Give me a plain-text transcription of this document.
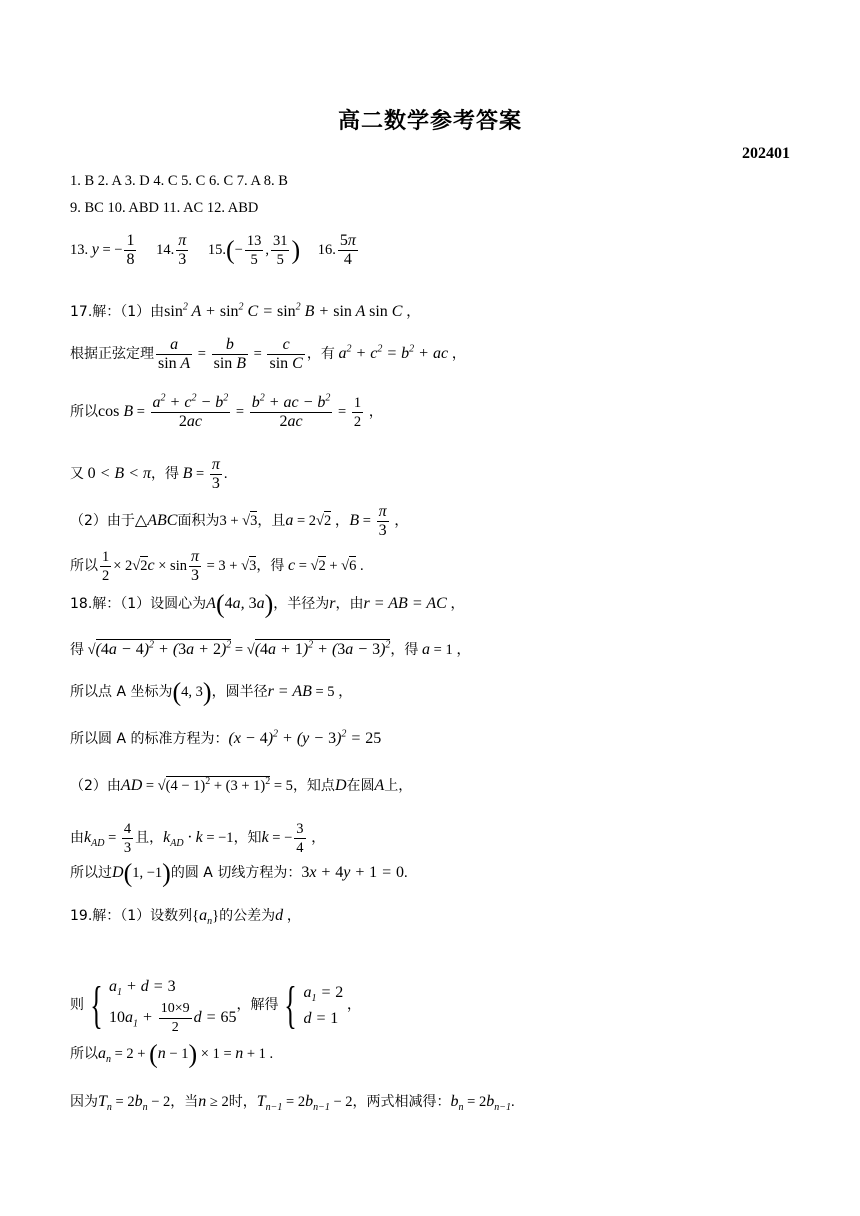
高二数学参考答案
202401
1. B 2. A 3. D 4. C 5. C 6. C 7. A 8. B
9. BC 10. ABD 11. AC 12. ABD
13. y = − $\frac{1}{8} 14$. $\frac{\pi}{3} 15.(- \frac{13}{5}$ , $\frac{31}{5}$ ) 16. $\frac{5\pi}{4}$
17.解：（1）由$\sin^2 A + \sin^2 C = \sin^2 B + \sin A$ sin C ，
根据正弦定理 $\frac{a}{\text{sin A}} = \frac{b}{\text{sin B}} = \frac{c}{\text{sin C}}$ ，有 $a^2 + c^2 = b^2$ + ac ，
所以$\cos B = \frac{a^2 + c^2 - b^2}{2ac} = \frac{b^2 + ac - b^2}{2ac} = \frac{1}{2}$ ，
又 0 < B < π，得 $B = \frac{\pi}{3}$ .
（2）由于△ABC面积为3 + √3，且a = 2√2 ，$B = \frac{\pi}{3}$ ，
所以 $\frac{1}{2} \times 2√2c \times \sin \frac{\pi}{3} = 3 + √3$，得 c = √2 + √6 .
18.解：（1）设圆心为A(4a, 3a)，半径为r，由r = AB = AC ，
得 $√(4a - 4)^2 + (3a + 2)^2 = √(4a + 1)^2 + (3a - 3)^2$，得 a = 1 ，
所以点 A 坐标为(4, 3)，圆半径r = AB = 5 ，
所以圆 A 的标准方程为：$(x - 4)^2 + (y - 3)^2 = 25$
（2）由AD = $√(4 - 1)^2 + (3 + 1)^2 = 5$，知点D在圆A上，
由$k_{AD} = \frac{4}{3}$ 且，$k_{AD} \cdot k = -1$，知k = − $\frac{3}{4}$ ，
所以过D(1, −1)的圆 A 切线方程为：3x + 4y + 1 = 0.
19.解：（1）设数列$\{a_n\}$的公差为d ，
则 { $a_1 + d = 3$
$10a_1 + \frac{10\times 9}{2}$ d = 65
，解得 { $a_1 = 2$
d = 1
，
所以$a_n = 2 + (n - 1) \times 1 = n + 1$ .
因为$T_n = 2b_n - 2$，当n ≥ 2时，$T_{n-1} = 2b_{n-1} - 2$，两式相减得：$b_n = 2b_{n-1}$.
